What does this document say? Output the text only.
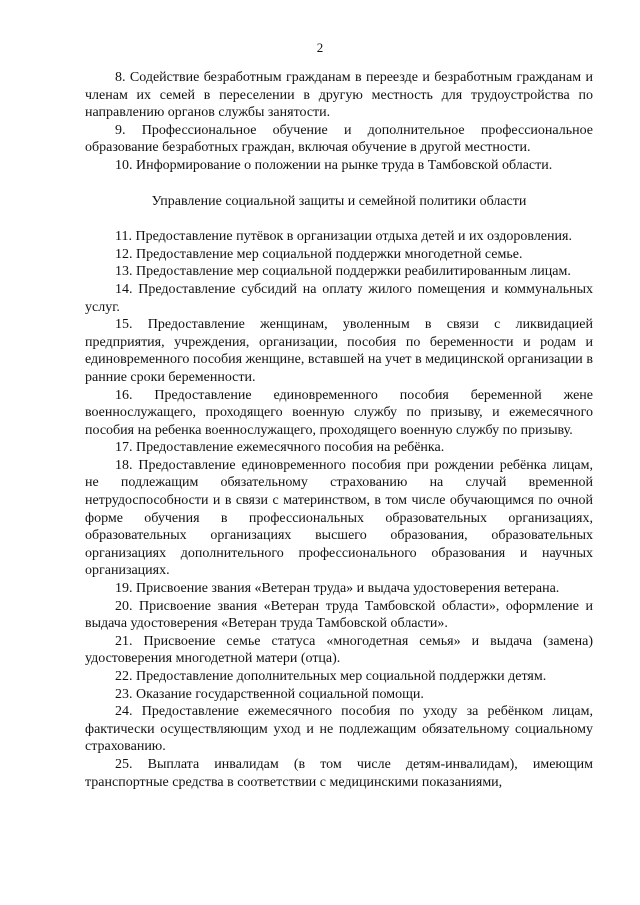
2

8. Содействие безработным гражданам в переезде и безработным гражданам и членам их семей в переселении в другую местность для трудоустройства по направлению органов службы занятости.

9. Профессиональное обучение и дополнительное профессиональное образование безработных граждан, включая обучение в другой местности.

10. Информирование о положении на рынке труда в Тамбовской области.

Управление социальной защиты и семейной политики области

11. Предоставление путёвок в организации отдыха детей и их оздоровления.

12. Предоставление мер социальной поддержки многодетной семье.

13. Предоставление мер социальной поддержки реабилитированным лицам.

14. Предоставление субсидий на оплату жилого помещения и коммунальных услуг.

15. Предоставление женщинам, уволенным в связи с ликвидацией предприятия, учреждения, организации, пособия по беременности и родам и единовременного пособия женщине, вставшей на учет в медицинской организации в ранние сроки беременности.

16. Предоставление единовременного пособия беременной жене военнослужащего, проходящего военную службу по призыву, и ежемесячного пособия на ребенка военнослужащего, проходящего военную службу по призыву.

17. Предоставление ежемесячного пособия на ребёнка.

18. Предоставление единовременного пособия при рождении ребёнка лицам, не подлежащим обязательному страхованию на случай временной нетрудоспособности и в связи с материнством, в том числе обучающимся по очной форме обучения в профессиональных образовательных организациях, образовательных организациях высшего образования, образовательных организациях дополнительного профессионального образования и научных организациях.

19. Присвоение звания «Ветеран труда» и выдача удостоверения ветерана.

20. Присвоение звания «Ветеран труда Тамбовской области», оформление и выдача удостоверения «Ветеран труда Тамбовской области».

21. Присвоение семье статуса «многодетная семья» и выдача (замена) удостоверения многодетной матери (отца).

22. Предоставление дополнительных мер социальной поддержки детям.

23. Оказание государственной социальной помощи.

24. Предоставление ежемесячного пособия по уходу за ребёнком лицам, фактически осуществляющим уход и не подлежащим обязательному социальному страхованию.

25. Выплата инвалидам (в том числе детям-инвалидам), имеющим транспортные средства в соответствии с медицинскими показаниями,
